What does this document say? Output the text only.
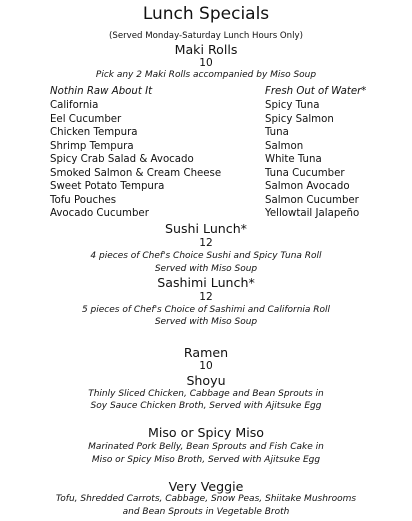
Lunch Specials
(Served Monday-Saturday Lunch Hours Only)
Maki Rolls
10
Pick any 2 Maki Rolls accompanied by Miso Soup
Nothin Raw About It	Fresh Out of Water*
California
Eel Cucumber
Chicken Tempura
Shrimp Tempura
Spicy Crab Salad & Avocado
Smoked Salmon & Cream Cheese
Sweet Potato Tempura
Tofu Pouches
Avocado Cucumber
Spicy Tuna
Spicy Salmon
Tuna
Salmon
White Tuna
Tuna Cucumber
Salmon Avocado
Salmon Cucumber
Yellowtail Jalapeño
Sushi Lunch*
12
4 pieces of Chef's Choice Sushi and Spicy Tuna Roll
Served with Miso Soup
Sashimi Lunch*
12
5 pieces of Chef's Choice of Sashimi and California Roll
Served with Miso Soup
Ramen
10
Shoyu
Thinly Sliced Chicken, Cabbage and Bean Sprouts in
Soy Sauce Chicken Broth, Served with Ajitsuke Egg
Miso or Spicy Miso
Marinated Pork Belly, Bean Sprouts and Fish Cake in
Miso or Spicy Miso Broth, Served with Ajitsuke Egg
Very Veggie
Tofu, Shredded Carrots, Cabbage, Snow Peas, Shiitake Mushrooms
and Bean Sprouts in Vegetable Broth
